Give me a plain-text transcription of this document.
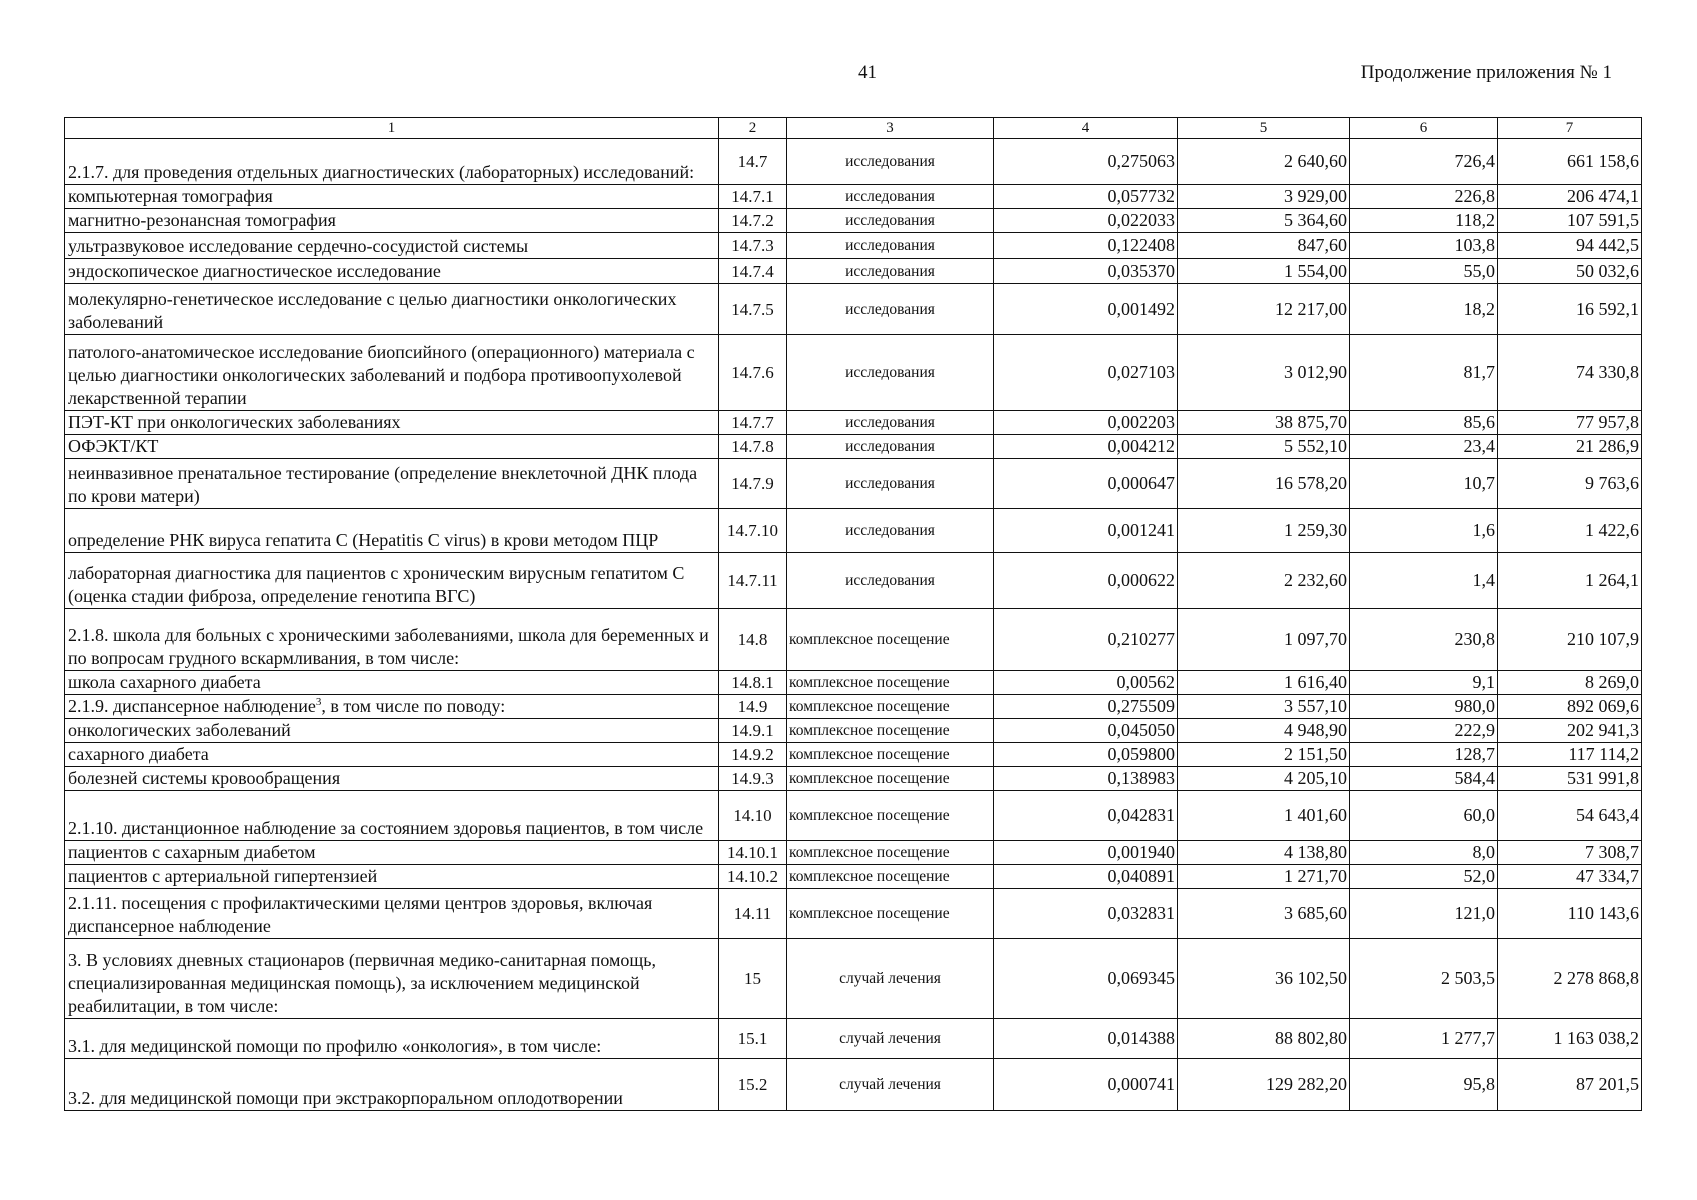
41	Продолжение приложения № 1
1	2	3	4	5	6	7
2.1.7. для проведения отдельных диагностических (лабораторных) исследований:	14.7	исследования	0,275063	2 640,60	726,4	661 158,6
компьютерная томография	14.7.1	исследования	0,057732	3 929,00	226,8	206 474,1
магнитно-резонансная томография	14.7.2	исследования	0,022033	5 364,60	118,2	107 591,5
ультразвуковое исследование сердечно-сосудистой системы	14.7.3	исследования	0,122408	847,60	103,8	94 442,5
эндоскопическое диагностическое исследование	14.7.4	исследования	0,035370	1 554,00	55,0	50 032,6
молекулярно-генетическое исследование с целью диагностики онкологических заболеваний	14.7.5	исследования	0,001492	12 217,00	18,2	16 592,1
патолого-анатомическое исследование биопсийного (операционного) материала с целью диагностики онкологических заболеваний и подбора противоопухолевой лекарственной терапии	14.7.6	исследования	0,027103	3 012,90	81,7	74 330,8
ПЭТ-КТ при онкологических заболеваниях	14.7.7	исследования	0,002203	38 875,70	85,6	77 957,8
ОФЭКТ/КТ	14.7.8	исследования	0,004212	5 552,10	23,4	21 286,9
неинвазивное пренатальное тестирование (определение внеклеточной ДНК плода по крови матери)	14.7.9	исследования	0,000647	16 578,20	10,7	9 763,6
определение РНК вируса гепатита С (Hepatitis С virus) в крови методом ПЦР	14.7.10	исследования	0,001241	1 259,30	1,6	1 422,6
лабораторная диагностика для пациентов с хроническим вирусным гепатитом С (оценка стадии фиброза, определение генотипа ВГС)	14.7.11	исследования	0,000622	2 232,60	1,4	1 264,1
2.1.8. школа для больных с хроническими заболеваниями, школа для беременных и по вопросам грудного вскармливания, в том числе:	14.8	комплексное посещение	0,210277	1 097,70	230,8	210 107,9
школа сахарного диабета	14.8.1	комплексное посещение	0,00562	1 616,40	9,1	8 269,0
2.1.9. диспансерное наблюдение$^3$, в том числе по поводу:	14.9	комплексное посещение	0,275509	3 557,10	980,0	892 069,6
онкологических заболеваний	14.9.1	комплексное посещение	0,045050	4 948,90	222,9	202 941,3
сахарного диабета	14.9.2	комплексное посещение	0,059800	2 151,50	128,7	117 114,2
болезней системы кровообращения	14.9.3	комплексное посещение	0,138983	4 205,10	584,4	531 991,8
2.1.10. дистанционное наблюдение за состоянием здоровья пациентов, в том числе	14.10	комплексное посещение	0,042831	1 401,60	60,0	54 643,4
пациентов с сахарным диабетом	14.10.1	комплексное посещение	0,001940	4 138,80	8,0	7 308,7
пациентов с артериальной гипертензией	14.10.2	комплексное посещение	0,040891	1 271,70	52,0	47 334,7
2.1.11. посещения с профилактическими целями центров здоровья, включая диспансерное наблюдение	14.11	комплексное посещение	0,032831	3 685,60	121,0	110 143,6
3. В условиях дневных стационаров (первичная медико-санитарная помощь, специализированная медицинская помощь), за исключением медицинской реабилитации, в том числе:	15	случай лечения	0,069345	36 102,50	2 503,5	2 278 868,8
3.1. для медицинской помощи по профилю «онкология», в том числе:	15.1	случай лечения	0,014388	88 802,80	1 277,7	1 163 038,2
3.2. для медицинской помощи при экстракорпоральном оплодотворении	15.2	случай лечения	0,000741	129 282,20	95,8	87 201,5
